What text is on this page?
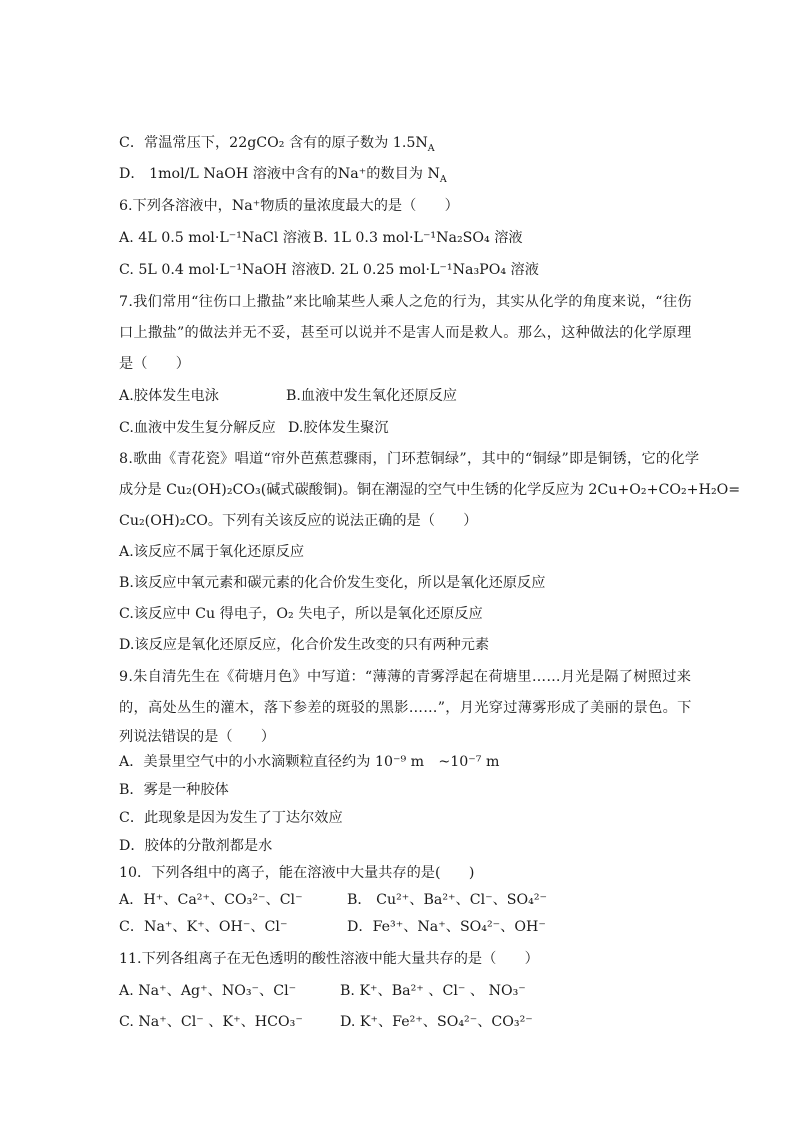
C．常温常压下，22gCO₂ 含有的原子数为 $1.5N_A$
D． 1mol/L NaOH 溶液中含有的Na⁺的数目为 $N_A$
6.下列各溶液中，Na⁺物质的量浓度最大的是（　　）
A. 4L 0.5 mol·L⁻¹NaCl 溶液 B. 1L 0.3 mol·L⁻¹Na₂SO₄ 溶液
C. 5L 0.4 mol·L⁻¹NaOH 溶液 D. 2L 0.25 mol·L⁻¹Na₃PO₄ 溶液
7.我们常用“往伤口上撒盐”来比喻某些人乘人之危的行为，其实从化学的角度来说，“往伤
口上撒盐”的做法并无不妥，甚至可以说并不是害人而是救人。那么，这种做法的化学原理
是（　　）
A.胶体发生电泳	B.血液中发生氧化还原反应
C.血液中发生复分解反应 D.胶体发生聚沉
8.歌曲《青花瓷》唱道“帘外芭蕉惹骤雨，门环惹铜绿”，其中的“铜绿”即是铜锈，它的化学
成分是 Cu₂(OH)₂CO₃(碱式碳酸铜)。铜在潮湿的空气中生锈的化学反应为 2Cu+O₂+CO₂+H₂O=
Cu₂(OH)₂CO。下列有关该反应的说法正确的是（　　）
A.该反应不属于氧化还原反应
B.该反应中氧元素和碳元素的化合价发生变化，所以是氧化还原反应
C.该反应中 Cu 得电子，O₂ 失电子，所以是氧化还原反应
D.该反应是氧化还原反应，化合价发生改变的只有两种元素
9.朱自清先生在《荷塘月色》中写道：“薄薄的青雾浮起在荷塘里……月光是隔了树照过来
的，高处丛生的灌木，落下参差的斑驳的黑影……”，月光穿过薄雾形成了美丽的景色。下
列说法错误的是（　　）
A．美景里空气中的小水滴颗粒直径约为 10⁻⁹ m　~10⁻⁷ m
B．雾是一种胶体
C．此现象是因为发生了丁达尔效应
D．胶体的分散剂都是水
10．下列各组中的离子，能在溶液中大量共存的是(　　)
A．H⁺、Ca²⁺、CO₃²⁻、Cl⁻	B． Cu²⁺、Ba²⁺、Cl⁻、SO₄²⁻
C．Na⁺、K⁺、OH⁻、Cl⁻	D．Fe³⁺、Na⁺、SO₄²⁻、OH⁻
11.下列各组离子在无色透明的酸性溶液中能大量共存的是（　　）
A. Na⁺、Ag⁺、NO₃⁻、Cl⁻	B. K⁺、Ba²⁺ 、Cl⁻ 、 NO₃⁻
C. Na⁺、Cl⁻ 、K⁺、HCO₃⁻	D. K⁺、Fe²⁺、SO₄²⁻、CO₃²⁻
